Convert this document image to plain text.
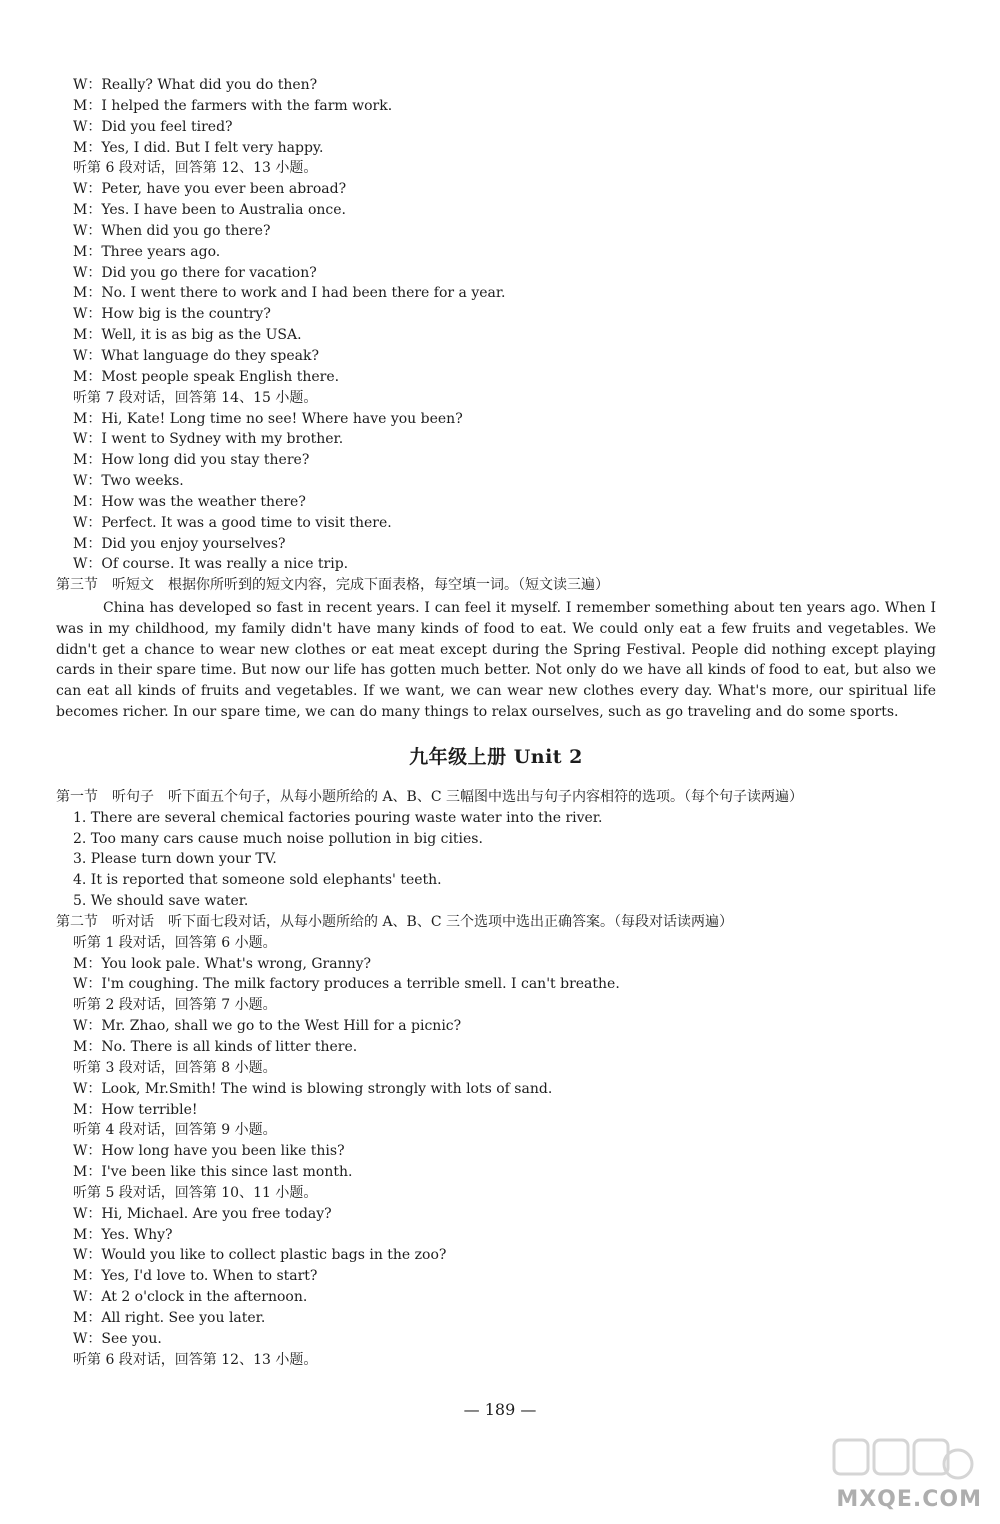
W：Really? What did you do then?
M：I helped the farmers with the farm work.
W：Did you feel tired?
M：Yes, I did. But I felt very happy.
听第 6 段对话，回答第 12、13 小题。
W：Peter, have you ever been abroad?
M：Yes. I have been to Australia once.
W：When did you go there?
M：Three years ago.
W：Did you go there for vacation?
M：No. I went there to work and I had been there for a year.
W：How big is the country?
M：Well, it is as big as the USA.
W：What language do they speak?
M：Most people speak English there.
听第 7 段对话，回答第 14、15 小题。
M：Hi, Kate! Long time no see! Where have you been?
W：I went to Sydney with my brother.
M：How long did you stay there?
W：Two weeks.
M：How was the weather there?
W：Perfect. It was a good time to visit there.
M：Did you enjoy yourselves?
W：Of course. It was really a nice trip.
第三节　听短文　根据你所听到的短文内容，完成下面表格，每空填一词。（短文读三遍）
China has developed so fast in recent years. I can feel it myself. I remember something about ten years ago. When I was in my childhood, my family didn't have many kinds of food to eat. We could only eat a few fruits and vegetables. We didn't get a chance to wear new clothes or eat meat except during the Spring Festival. People did nothing except playing cards in their spare time. But now our life has gotten much better. Not only do we have all kinds of food to eat, but also we can eat all kinds of fruits and vegetables. If we want, we can wear new clothes every day. What's more, our spiritual life becomes richer. In our spare time, we can do many things to relax ourselves, such as go traveling and do some sports.
九年级上册 Unit 2
第一节　听句子　听下面五个句子，从每小题所给的 A、B、C 三幅图中选出与句子内容相符的选项。（每个句子读两遍）
1. There are several chemical factories pouring waste water into the river.
2. Too many cars cause much noise pollution in big cities.
3. Please turn down your TV.
4. It is reported that someone sold elephants' teeth.
5. We should save water.
第二节　听对话　听下面七段对话，从每小题所给的 A、B、C 三个选项中选出正确答案。（每段对话读两遍）
听第 1 段对话，回答第 6 小题。
M：You look pale. What's wrong, Granny?
W：I'm coughing. The milk factory produces a terrible smell. I can't breathe.
听第 2 段对话，回答第 7 小题。
W：Mr. Zhao, shall we go to the West Hill for a picnic?
M：No. There is all kinds of litter there.
听第 3 段对话，回答第 8 小题。
W：Look, Mr.Smith! The wind is blowing strongly with lots of sand.
M：How terrible!
听第 4 段对话，回答第 9 小题。
W：How long have you been like this?
M：I've been like this since last month.
听第 5 段对话，回答第 10、11 小题。
W：Hi, Michael. Are you free today?
M：Yes. Why?
W：Would you like to collect plastic bags in the zoo?
M：Yes, I'd love to. When to start?
W：At 2 o'clock in the afternoon.
M：All right. See you later.
W：See you.
听第 6 段对话，回答第 12、13 小题。
— 189 —
MXQE.COM
